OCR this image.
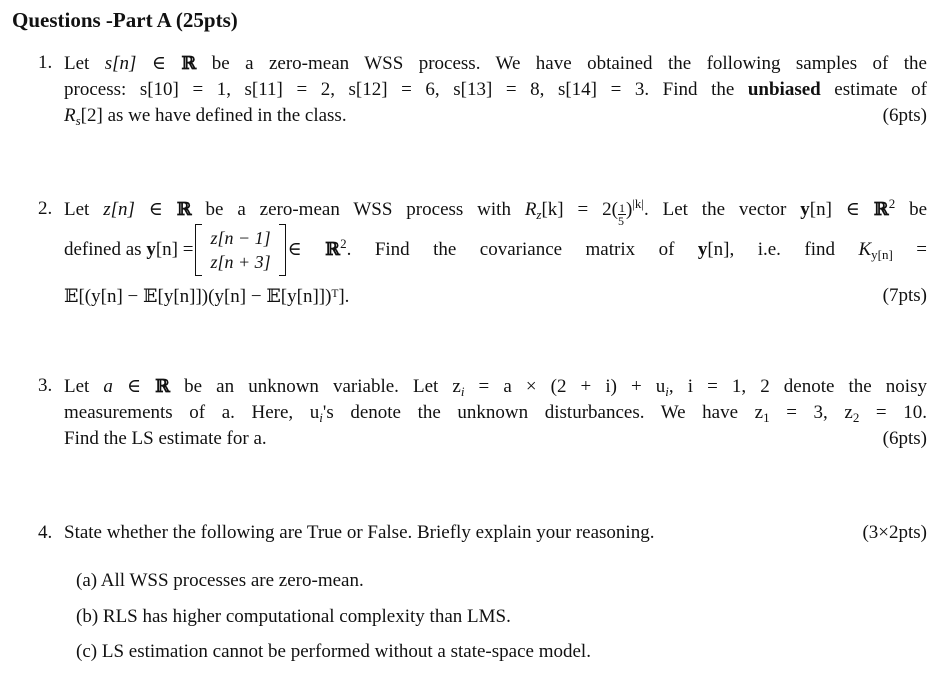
Questions -Part A (25pts)
1. Let s[n] ∈ ℝ be a zero-mean WSS process. We have obtained the following samples of the
process: s[10] = 1, s[11] = 2, s[12] = 6, s[13] = 8, s[14] = 3. Find the unbiased estimate of
$R_s[2]$ as we have defined in the class.	(6pts)
2. Let z[n] ∈ ℝ be a zero-mean WSS process with $R_z[k] = 2( \frac{1}{5} )^{|k|}$. Let the vector y[n] ∈ ℝ$^2$ be
defined as y[n] =
z[n − 1]
z[n + 3]
∈ ℝ$^2$. Find the covariance matrix of y[n], i.e. find $K_{y[n]}$ =
𝔼[(y[n] − 𝔼[y[n]])(y[n] − 𝔼[y[n]])ᵀ].	(7pts)
3. Let a ∈ ℝ be an unknown variable. Let $z_i = a \times (2 + i) + u_i$, i = 1, 2 denote the noisy
measurements of a. Here, $u_i's$ denote the unknown disturbances. We have $z_1 = 3$, $z_2 = 10$.
Find the LS estimate for a.	(6pts)
4. State whether the following are True or False. Briefly explain your reasoning.	(3×2pts)
(a) All WSS processes are zero-mean.
(b) RLS has higher computational complexity than LMS.
(c) LS estimation cannot be performed without a state-space model.
